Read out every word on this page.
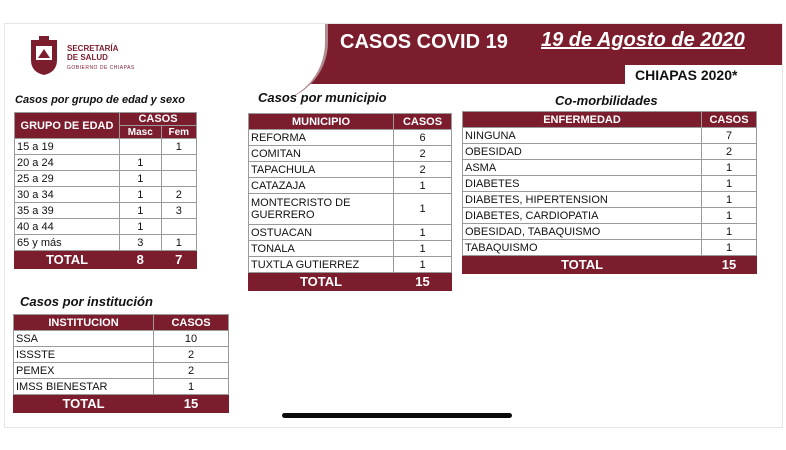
SECRETARÍA
DE SALUD
GOBIERNO DE CHIAPAS
CASOS COVID 19 19 de Agosto de 2020
CHIAPAS 2020*
Casos por grupo de edad y sexo
GRUPO DE EDAD	CASOS	
	Masc	Fem
15 a 19		1
20 a 24	1	
25 a 29	1	
30 a 34	1	2
35 a 39	1	3
40 a 44	1	
65 y más	3	1
TOTAL	8	7
Casos por municipio
MUNICIPIO	CASOS
REFORMA	6
COMITAN	2
TAPACHULA	2
CATAZAJA	1
MONTECRISTO DE GUERRERO	1
OSTUACAN	1
TONALA	1
TUXTLA GUTIERREZ	1
TOTAL	15
Co-morbilidades
ENFERMEDAD	CASOS
NINGUNA	7
OBESIDAD	2
ASMA	1
DIABETES	1
DIABETES, HIPERTENSION	1
DIABETES, CARDIOPATIA	1
OBESIDAD, TABAQUISMO	1
TABAQUISMO	1
TOTAL	15
Casos por institución
INSTITUCION	CASOS
SSA	10
ISSSTE	2
PEMEX	2
IMSS BIENESTAR	1
TOTAL	15
